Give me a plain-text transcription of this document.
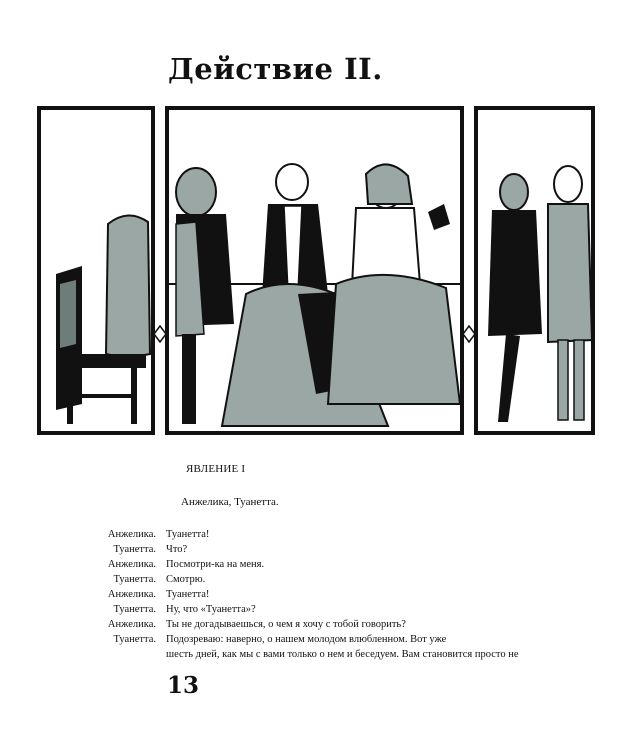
Действие II.
ЯВЛЕНИЕ I
Анжелика, Туанетта.
Анжелика. Туанетта!
Туанетта. Что?
Анжелика. Посмотри-ка на меня.
Туанетта. Смотрю.
Анжелика. Туанетта!
Туанетта. Ну, что «Туанетта»?
Анжелика. Ты не догадываешься, о чем я хочу с тобой говорить?
Туанетта. Подозреваю: наверно, о нашем молодом влюбленном. Вот уже
шесть дней, как мы с вами только о нем и беседуем. Вам становится просто не
13
